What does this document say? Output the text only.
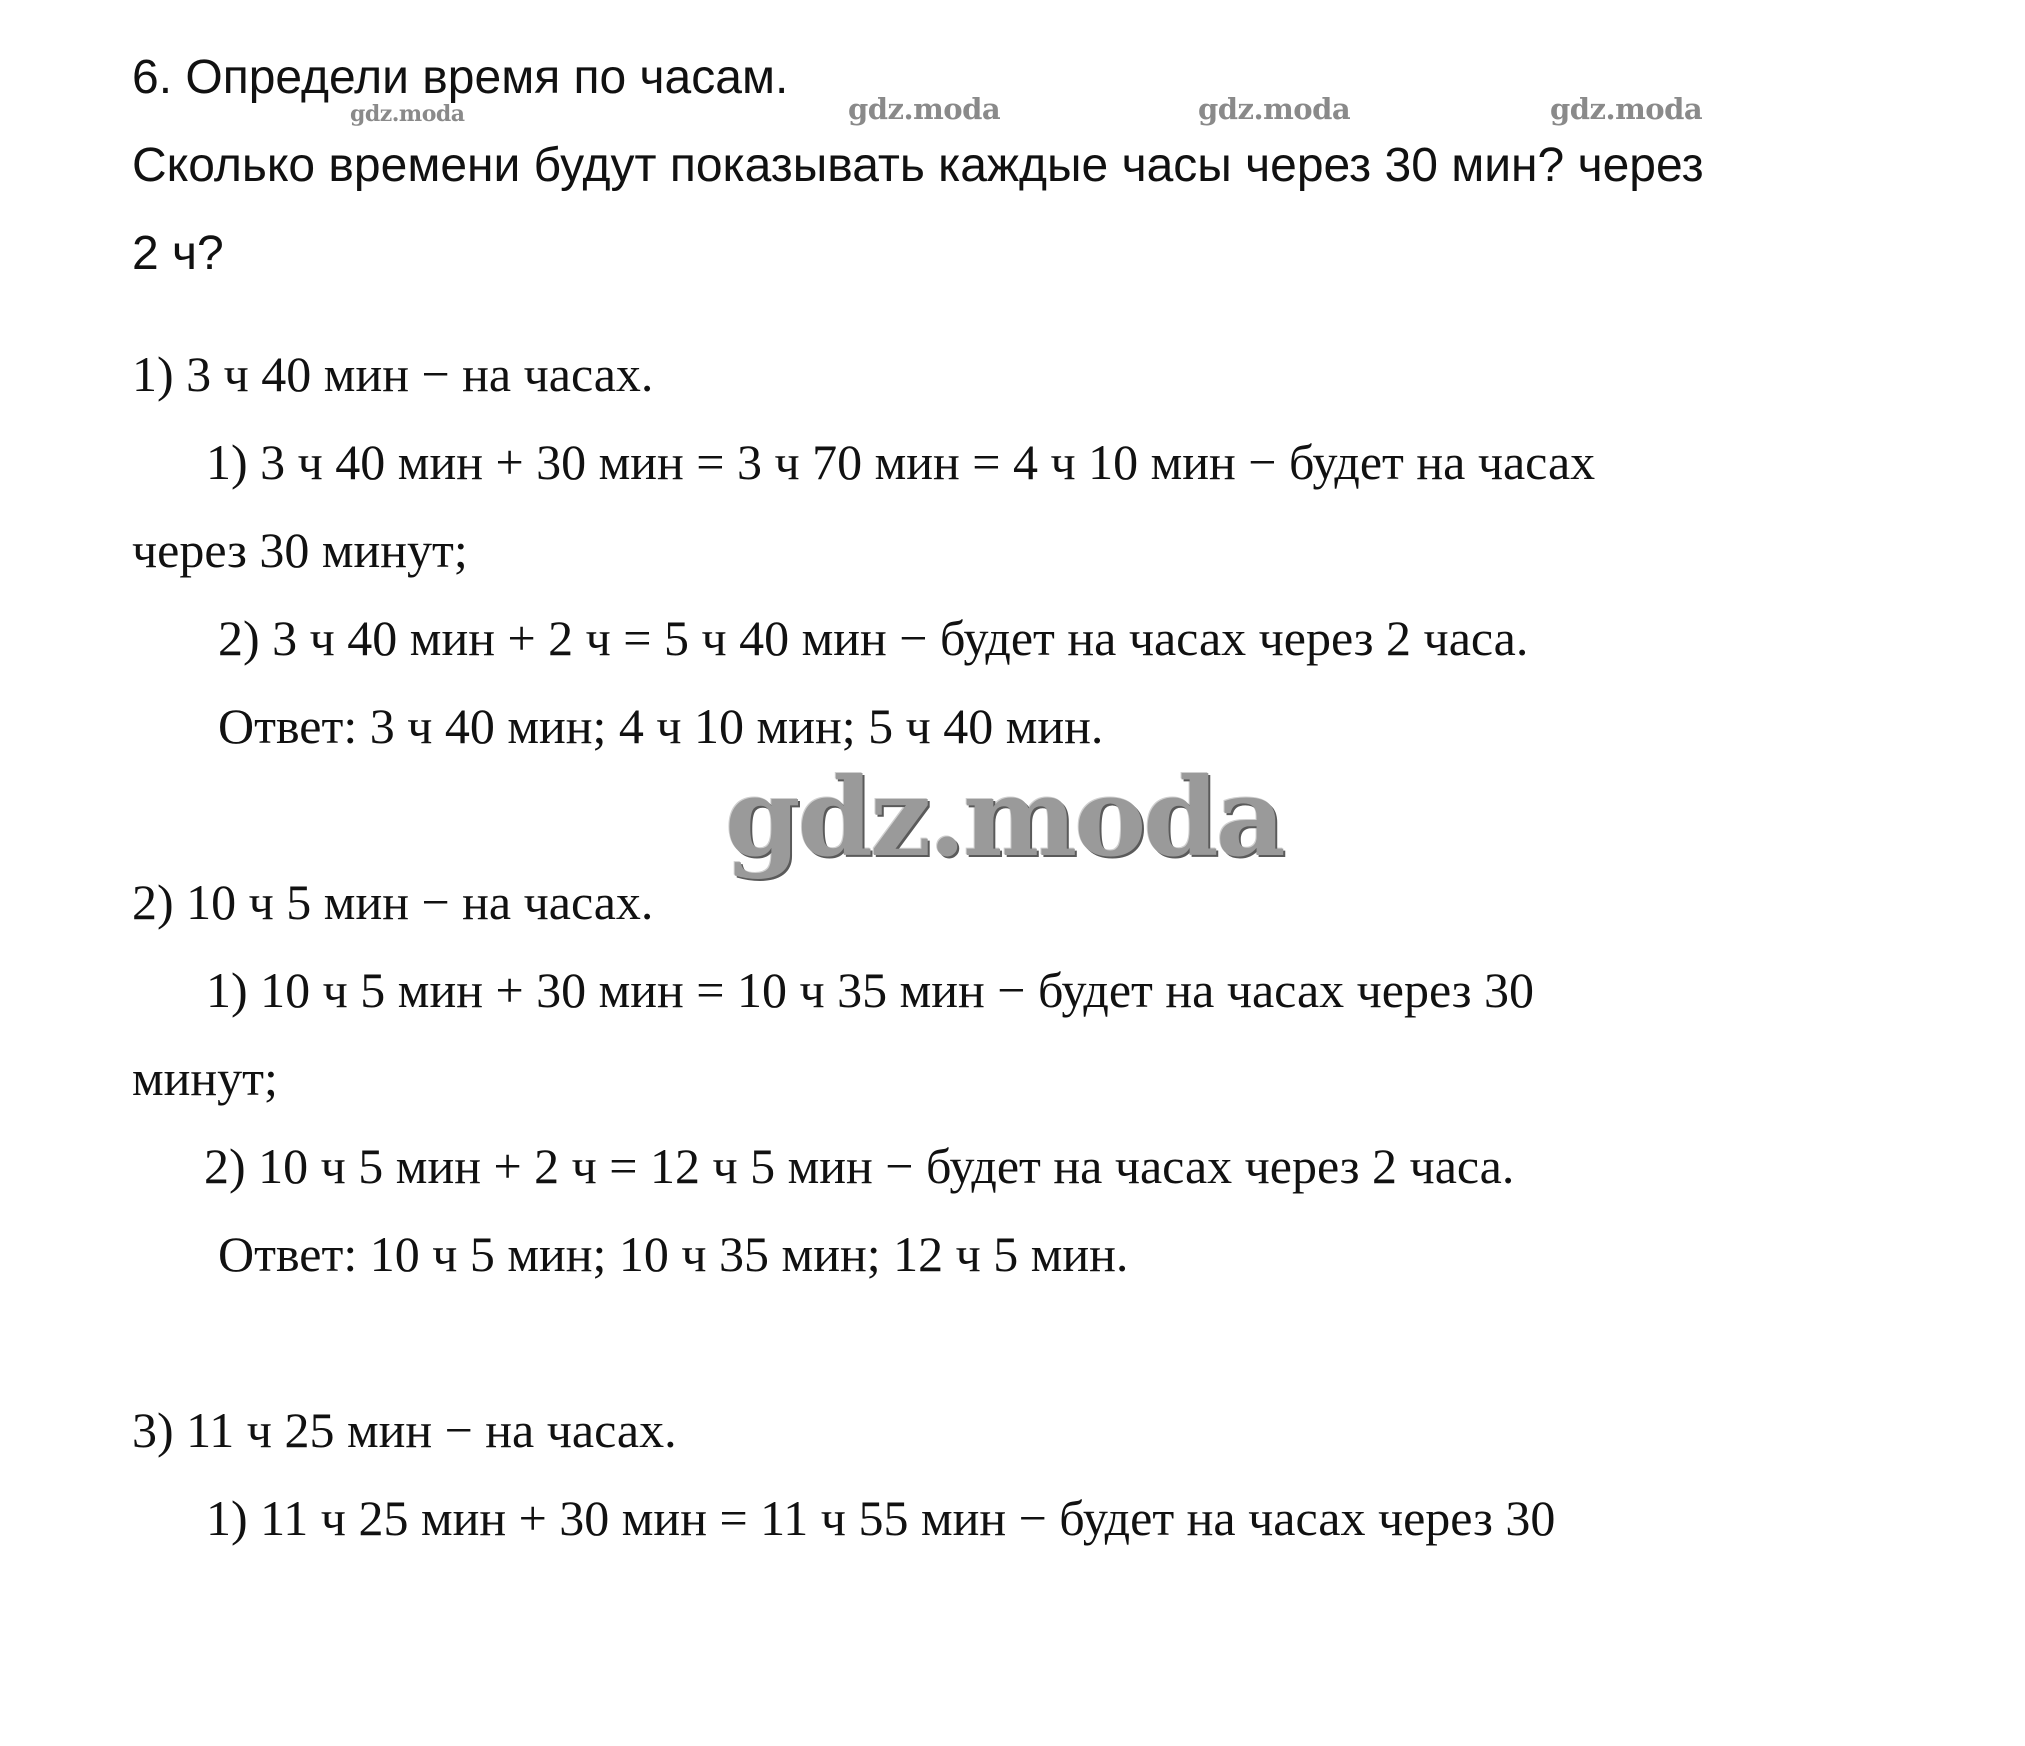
6. Определи время по часам.

Сколько времени будут показывать каждые часы через 30 мин? через

2 ч?

gdz.moda	gdz.moda	gdz.moda	gdz.moda

1) 3 ч 40 мин − на часах.

1) 3 ч 40 мин + 30 мин = 3 ч 70 мин = 4 ч 10 мин − будет на часах

через 30 минут;

2) 3 ч 40 мин + 2 ч = 5 ч 40 мин − будет на часах через 2 часа.

Ответ: 3 ч 40 мин; 4 ч 10 мин; 5 ч 40 мин.

gdz.moda

2) 10 ч 5 мин − на часах.

1) 10 ч 5 мин + 30 мин = 10 ч 35 мин − будет на часах через 30

минут;

2) 10 ч 5 мин + 2 ч = 12 ч 5 мин − будет на часах через 2 часа.

Ответ: 10 ч 5 мин; 10 ч 35 мин; 12 ч 5 мин.

3) 11 ч 25 мин − на часах.

1) 11 ч 25 мин + 30 мин = 11 ч 55 мин − будет на часах через 30
